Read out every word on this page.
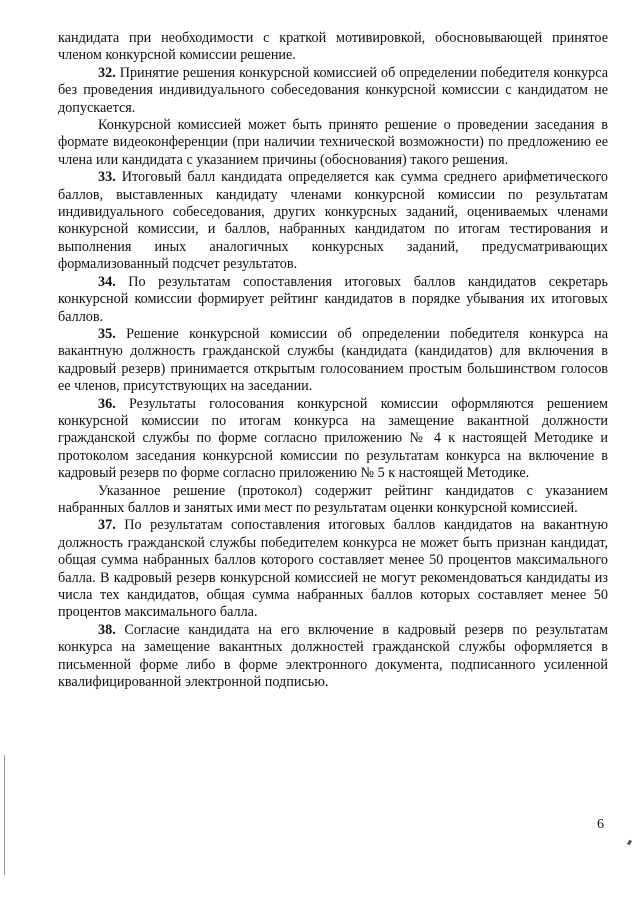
кандидата при необходимости с краткой мотивировкой, обосновывающей принятое членом конкурсной комиссии решение.

32. Принятие решения конкурсной комиссией об определении победителя конкурса без проведения индивидуального собеседования конкурсной комиссии с кандидатом не допускается.

Конкурсной комиссией может быть принято решение о проведении заседания в формате видеоконференции (при наличии технической возможности) по предложению ее члена или кандидата с указанием причины (обоснования) такого решения.

33. Итоговый балл кандидата определяется как сумма среднего арифметического баллов, выставленных кандидату членами конкурсной комиссии по результатам индивидуального собеседования, других конкурсных заданий, оцениваемых членами конкурсной комиссии, и баллов, набранных кандидатом по итогам тестирования и выполнения иных аналогичных конкурсных заданий, предусматривающих формализованный подсчет результатов.

34. По результатам сопоставления итоговых баллов кандидатов секретарь конкурсной комиссии формирует рейтинг кандидатов в порядке убывания их итоговых баллов.

35. Решение конкурсной комиссии об определении победителя конкурса на вакантную должность гражданской службы (кандидата (кандидатов) для включения в кадровый резерв) принимается открытым голосованием простым большинством голосов ее членов, присутствующих на заседании.

36. Результаты голосования конкурсной комиссии оформляются решением конкурсной комиссии по итогам конкурса на замещение вакантной должности гражданской службы по форме согласно приложению № 4 к настоящей Методике и протоколом заседания конкурсной комиссии по результатам конкурса на включение в кадровый резерв по форме согласно приложению № 5 к настоящей Методике.

Указанное решение (протокол) содержит рейтинг кандидатов с указанием набранных баллов и занятых ими мест по результатам оценки конкурсной комиссией.

37. По результатам сопоставления итоговых баллов кандидатов на вакантную должность гражданской службы победителем конкурса не может быть признан кандидат, общая сумма набранных баллов которого составляет менее 50 процентов максимального балла. В кадровый резерв конкурсной комиссией не могут рекомендоваться кандидаты из числа тех кандидатов, общая сумма набранных баллов которых составляет менее 50 процентов максимального балла.

38. Согласие кандидата на его включение в кадровый резерв по результатам конкурса на замещение вакантных должностей гражданской службы оформляется в письменной форме либо в форме электронного документа, подписанного усиленной квалифицированной электронной подписью.

6
